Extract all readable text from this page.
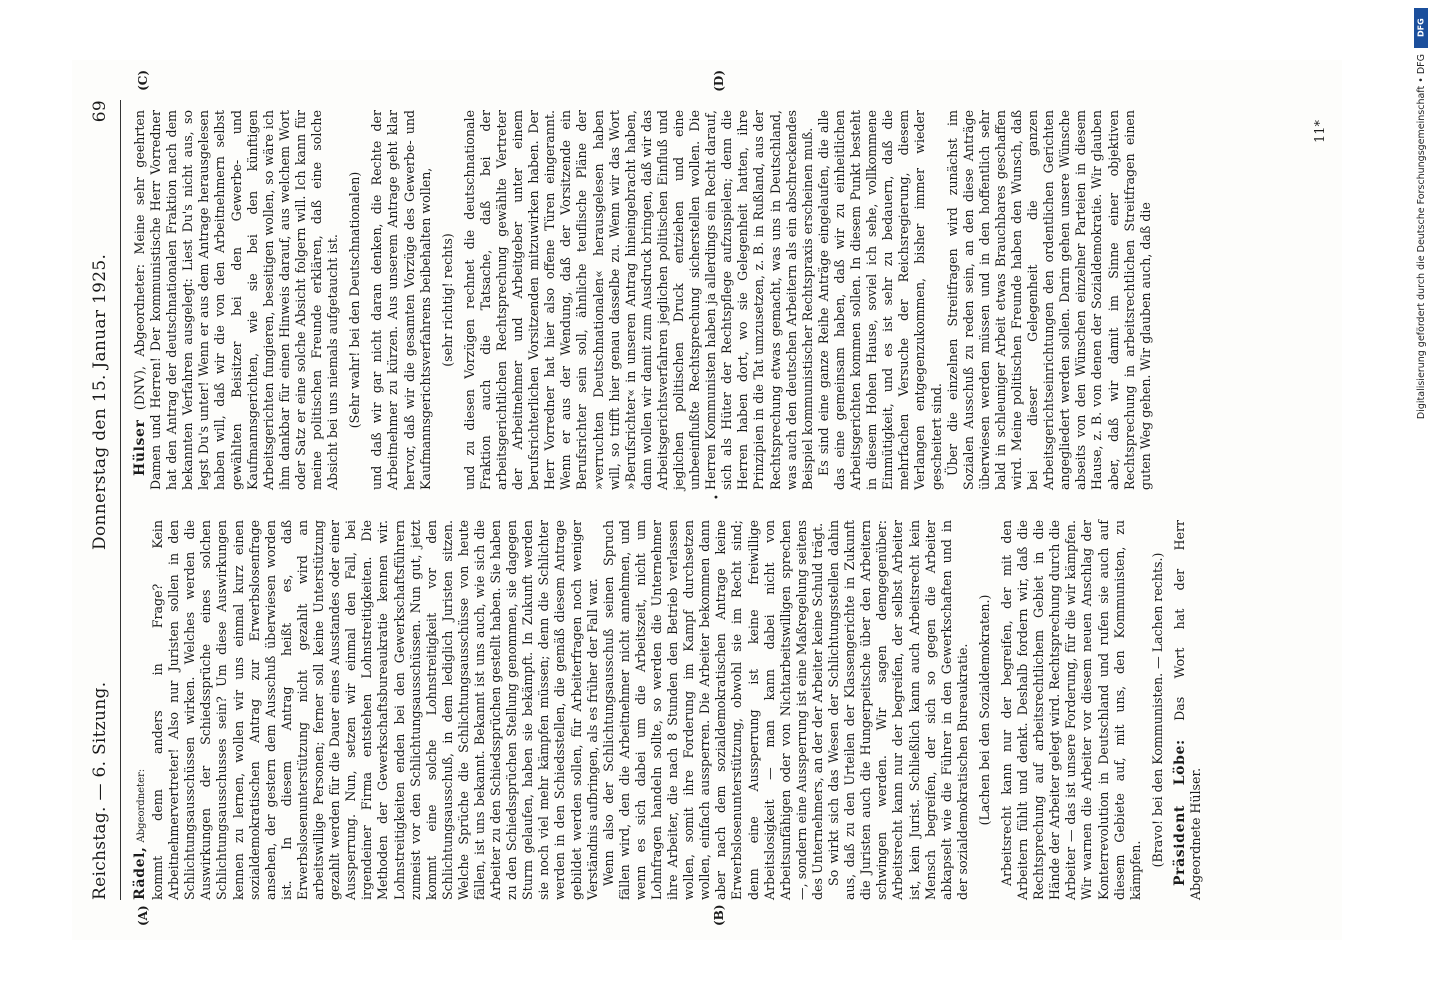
Reichstag. — 6. Sitzung.
Donnerstag den 15. Januar 1925.
69
(A)	(B)
(C)	(D)

Rädel, Abgeordneter: kommt denn anders in Frage? Kein Arbeitnehmervertreter! Also nur Juristen sollen in den Schlichtungsausschüssen wirken. Welches werden die Auswirkungen der Schiedssprüche eines solchen Schlichtungsausschusses sein? Um diese Auswirkungen kennen zu lernen, wollen wir uns einmal kurz einen sozialdemokratischen Antrag zur Erwerbslosenfrage ansehen, der gestern dem Ausschuß überwiesen worden ist. In diesem Antrag heißt es, daß Erwerbslosenunterstützung nicht gezahlt wird an arbeitswillige Personen; ferner soll keine Unterstützung gezahlt werden für die Dauer eines Ausstandes oder einer Aussperrung. Nun, setzen wir einmal den Fall, bei irgendeiner Firma entstehen Lohnstreitigkeiten. Die Methoden der Gewerkschaftsbureaukratie kennen wir. Lohnstreitigkeiten enden bei den Gewerkschaftsführern zumeist vor den Schlichtungsausschüssen. Nun gut, jetzt kommt eine solche Lohnstreitigkeit vor den Schlichtungsausschuß, in dem lediglich Juristen sitzen. Welche Sprüche die Schlichtungsausschüsse von heute fällen, ist uns bekannt. Bekannt ist uns auch, wie sich die Arbeiter zu den Schiedssprüchen gestellt haben. Sie haben zu den Schiedssprüchen Stellung genommen, sie dagegen Sturm gelaufen, haben sie bekämpft. In Zukunft werden sie noch viel mehr kämpfen müssen; denn die Schlichter werden in den Schiedsstellen, die gemäß diesem Antrage gebildet werden sollen, für Arbeiterfragen noch weniger Verständnis aufbringen, als es früher der Fall war. Wenn also der Schlichtungsausschuß seinen Spruch fällen wird, den die Arbeitnehmer nicht annehmen, und wenn es sich dabei um die Arbeitszeit, nicht um Lohnfragen handeln sollte, so werden die Unternehmer ihre Arbeiter, die nach 8 Stunden den Betrieb verlassen wollen, somit ihre Forderung im Kampf durchsetzen wollen, einfach aussperren. Die Arbeiter bekommen dann aber nach dem sozialdemokratischen Antrage keine Erwerbslosenunterstützung, obwohl sie im Recht sind; denn eine Aussperrung ist keine freiwillige Arbeitslosigkeit — man kann dabei nicht von Arbeitsunfähigen oder von Nichtarbeitswilligen sprechen —, sondern eine Aussperrung ist eine Maßregelung seitens des Unternehmers, an der der Arbeiter keine Schuld trägt. So wirkt sich das Wesen der Schlichtungsstellen dahin aus, daß zu den Urteilen der Klassengerichte in Zukunft die Juristen auch die Hungerpeitsche über den Arbeitern schwingen werden. Wir sagen demgegenüber: Arbeitsrecht kann nur der begreifen, der selbst Arbeiter ist, kein Jurist. Schließlich kann auch Arbeitsrecht kein Mensch begreifen, der sich so gegen die Arbeiter abkapselt wie die Führer in den Gewerkschaften und in der sozialdemokratischen Bureaukratie. (Lachen bei den Sozialdemokraten.) Arbeitsrecht kann nur der begreifen, der mit den Arbeitern fühlt und denkt. Deshalb fordern wir, daß die Rechtsprechung auf arbeitsrechtlichem Gebiet in die Hände der Arbeiter gelegt wird. Rechtsprechung durch die Arbeiter — das ist unsere Forderung, für die wir kämpfen. Wir warnen die Arbeiter vor diesem neuen Anschlag der Konterrevolution in Deutschland und rufen sie auch auf diesem Gebiete auf, mit uns, den Kommunisten, zu kämpfen.

(Bravo! bei den Kommunisten. — Lachen rechts.) Präsident Löbe: Das Wort hat der Herr Abgeordnete Hülser.

Hülser (DNV), Abgeordneter: Meine sehr geehrten Damen und Herren! Der kommunistische Herr Vorredner hat den Antrag der deutschnationalen Fraktion nach dem bekannten Verfahren ausgelegt: Liest Du's nicht aus, so legst Du's unter! Wenn er aus dem Antrage herausgelesen haben will, daß wir die von den Arbeitnehmern selbst gewählten Beisitzer bei den Gewerbe- und Kaufmannsgerichten, wie sie bei den künftigen Arbeitsgerichten fungieren, beseitigen wollen, so wäre ich ihm dankbar für einen Hinweis darauf, aus welchem Wort oder Satz er eine solche Absicht folgern will. Ich kann für meine politischen Freunde erklären, daß eine solche Absicht bei uns niemals aufgetaucht ist. (Sehr wahr! bei den Deutschnationalen) und daß wir gar nicht daran denken, die Rechte der Arbeitnehmer zu kürzen. Aus unserem Antrage geht klar hervor, daß wir die gesamten Vorzüge des Gewerbe- und Kaufmannsgerichtsverfahrens beibehalten wollen, (sehr richtig! rechts) und zu diesen Vorzügen rechnet die deutschnationale Fraktion auch die Tatsache, daß bei der arbeitsgerichtlichen Rechtsprechung gewählte Vertreter der Arbeitnehmer und Arbeitgeber unter einem berufsrichterlichen Vorsitzenden mitzuwirken haben. Der Herr Vorredner hat hier also offene Türen eingerannt. Wenn er aus der Wendung, daß der Vorsitzende ein Berufsrichter sein soll, ähnliche teuflische Pläne der »verruchten Deutschnationalen« herausgelesen haben will, so trifft hier genau dasselbe zu. Wenn wir das Wort »Berufsrichter« in unseren Antrag hineingebracht haben, dann wollen wir damit zum Ausdruck bringen, daß wir das Arbeitsgerichtsverfahren jeglichen politischen Einfluß und jeglichen politischen Druck entziehen und eine unbeeinflußte Rechtsprechung sicherstellen wollen. Die Herren Kommunisten haben ja allerdings ein Recht darauf, sich als Hüter der Rechtspflege aufzuspielen; denn die Herren haben dort, wo sie Gelegenheit hatten, ihre Prinzipien in die Tat umzusetzen, z. B. in Rußland, aus der Rechtsprechung etwas gemacht, was uns in Deutschland, was auch den deutschen Arbeitern als ein abschreckendes Beispiel kommunistischer Rechtspraxis erscheinen muß. Es sind eine ganze Reihe Anträge eingelaufen, die alle das eine gemeinsam haben, daß wir zu einheitlichen Arbeitsgerichten kommen sollen. In diesem Punkt besteht in diesem Hohen Hause, soviel ich sehe, vollkommene Einmütigkeit, und es ist sehr zu bedauern, daß die mehrfachen Versuche der Reichsregierung, diesem Verlangen entgegenzukommen, bisher immer wieder gescheitert sind. Über die einzelnen Streitfragen wird zunächst im Sozialen Ausschuß zu reden sein, an den diese Anträge überwiesen werden müssen und in den hoffentlich sehr bald in schleuniger Arbeit etwas Brauchbares geschaffen wird. Meine politischen Freunde haben den Wunsch, daß bei dieser Gelegenheit die ganzen Arbeitsgerichtseinrichtungen den ordentlichen Gerichten angegliedert werden sollen. Darin gehen unsere Wünsche abseits von den Wünschen einzelner Parteien in diesem Hause, z. B. von denen der Sozialdemokratie. Wir glauben aber, daß wir damit im Sinne einer objektiven Rechtsprechung in arbeitsrechtlichen Streitfragen einen guten Weg gehen. Wir glauben auch, daß die

11*
•
DFG
Digitalisierung gefördert durch die Deutsche Forschungsgemeinschaft • DFG
